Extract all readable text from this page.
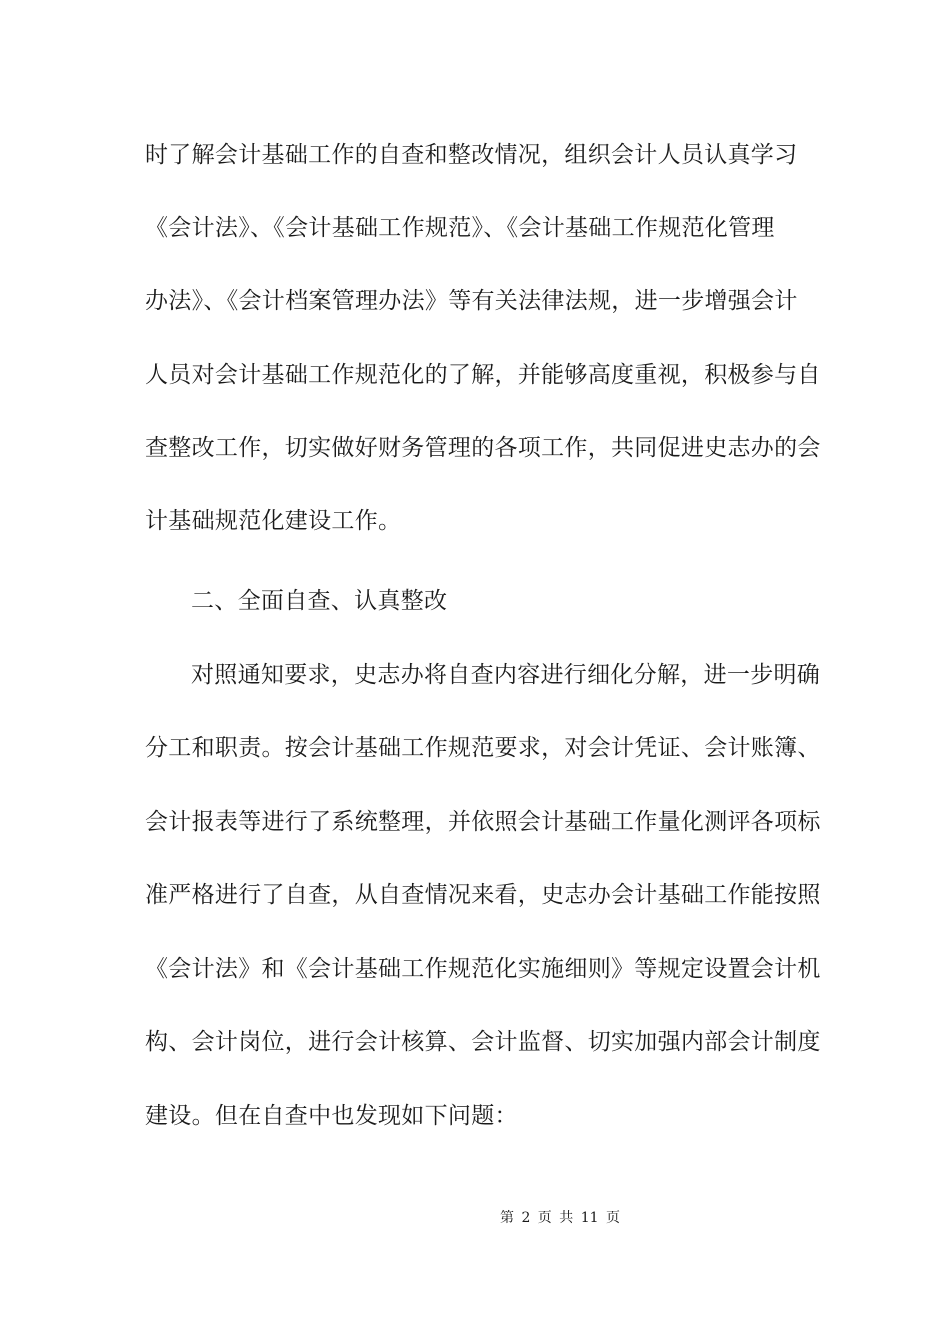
时了解会计基础工作的自查和整改情况，组织会计人员认真学习
《会计法》、《会计基础工作规范》、《会计基础工作规范化管理
办法》、《会计档案管理办法》等有关法律法规，进一步增强会计
人员对会计基础工作规范化的了解，并能够高度重视，积极参与自
查整改工作，切实做好财务管理的各项工作，共同促进史志办的会
计基础规范化建设工作。
二、全面自查、认真整改
对照通知要求，史志办将自查内容进行细化分解，进一步明确
分工和职责。按会计基础工作规范要求，对会计凭证、会计账簿、
会计报表等进行了系统整理，并依照会计基础工作量化测评各项标
准严格进行了自查，从自查情况来看，史志办会计基础工作能按照
《会计法》和《会计基础工作规范化实施细则》等规定设置会计机
构、会计岗位，进行会计核算、会计监督、切实加强内部会计制度
建设。但在自查中也发现如下问题：
第 2 页 共 11 页
